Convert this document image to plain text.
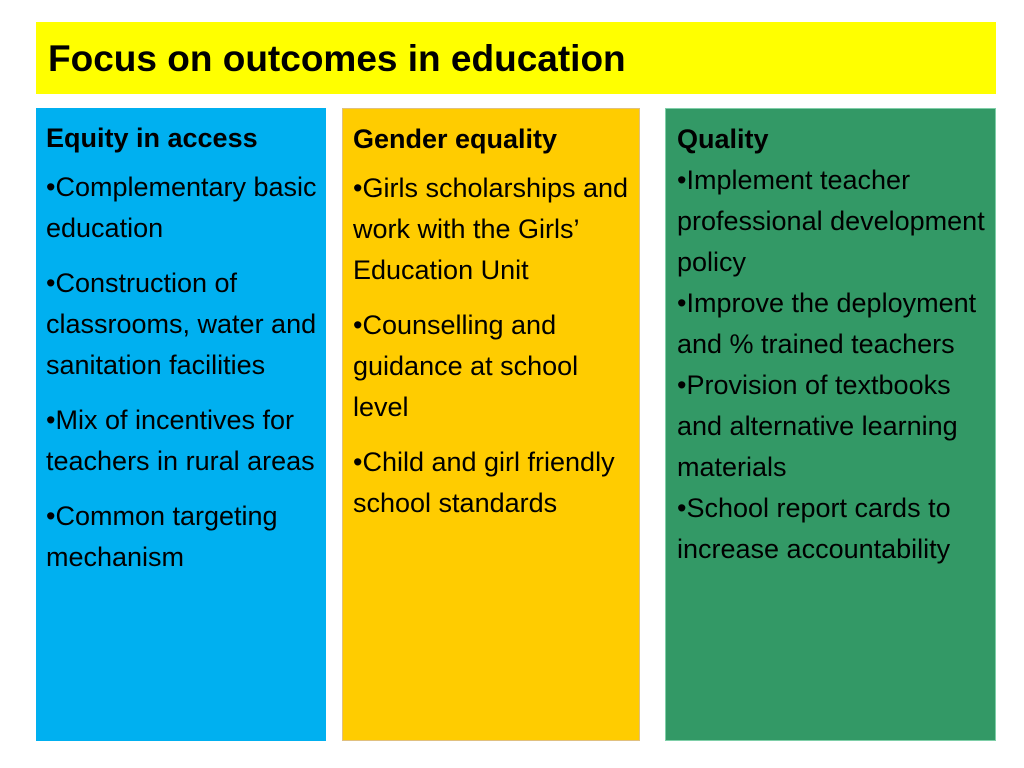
Focus on outcomes in education
Equity in access
•Complementary basic education
•Construction of classrooms, water and sanitation facilities
•Mix of incentives for teachers in rural areas
•Common targeting mechanism
Gender equality
•Girls scholarships and work with the Girls’ Education Unit
•Counselling and guidance at school level
•Child and girl friendly school standards
Quality
•Implement teacher professional development policy
•Improve the deployment and % trained teachers
•Provision of textbooks and alternative learning materials
•School report cards to increase accountability
